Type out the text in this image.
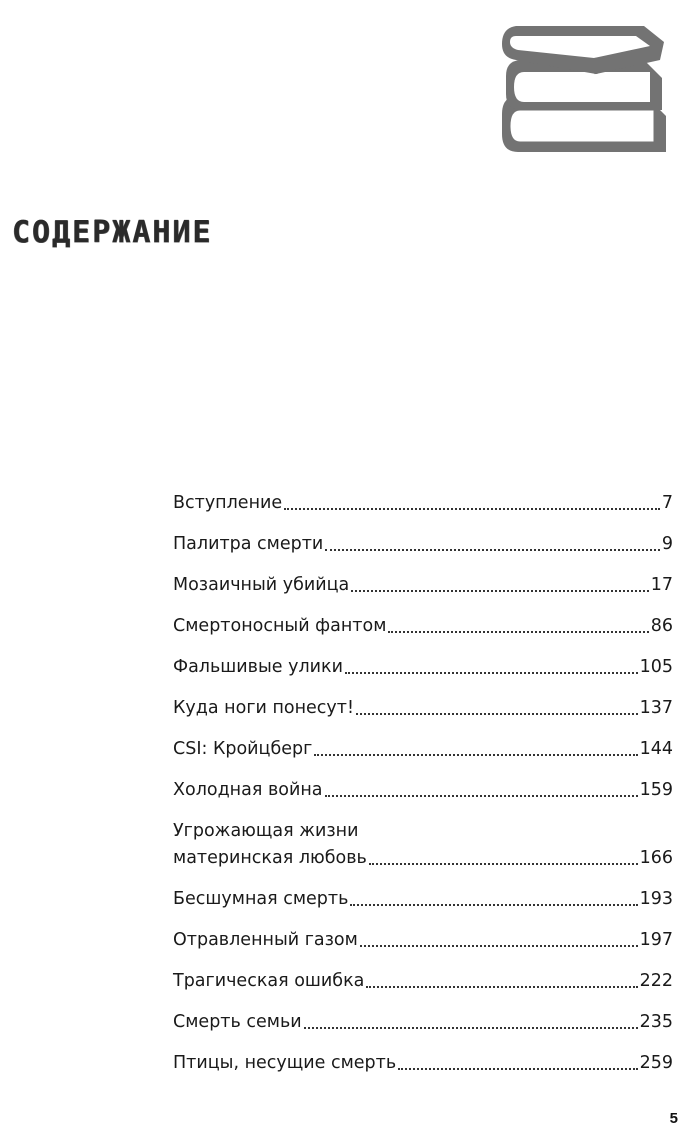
СОДЕРЖАНИЕ
Вступление	7
Палитра смерти	9
Мозаичный убийца	17
Смертоносный фантом	86
Фальшивые улики	105
Куда ноги понесут!	137
CSI: Кройцберг	144
Холодная война	159
Угрожающая жизни
материнская любовь	166
Бесшумная смерть	193
Отравленный газом	197
Трагическая ошибка	222
Смерть семьи	235
Птицы, несущие смерть	259
5
